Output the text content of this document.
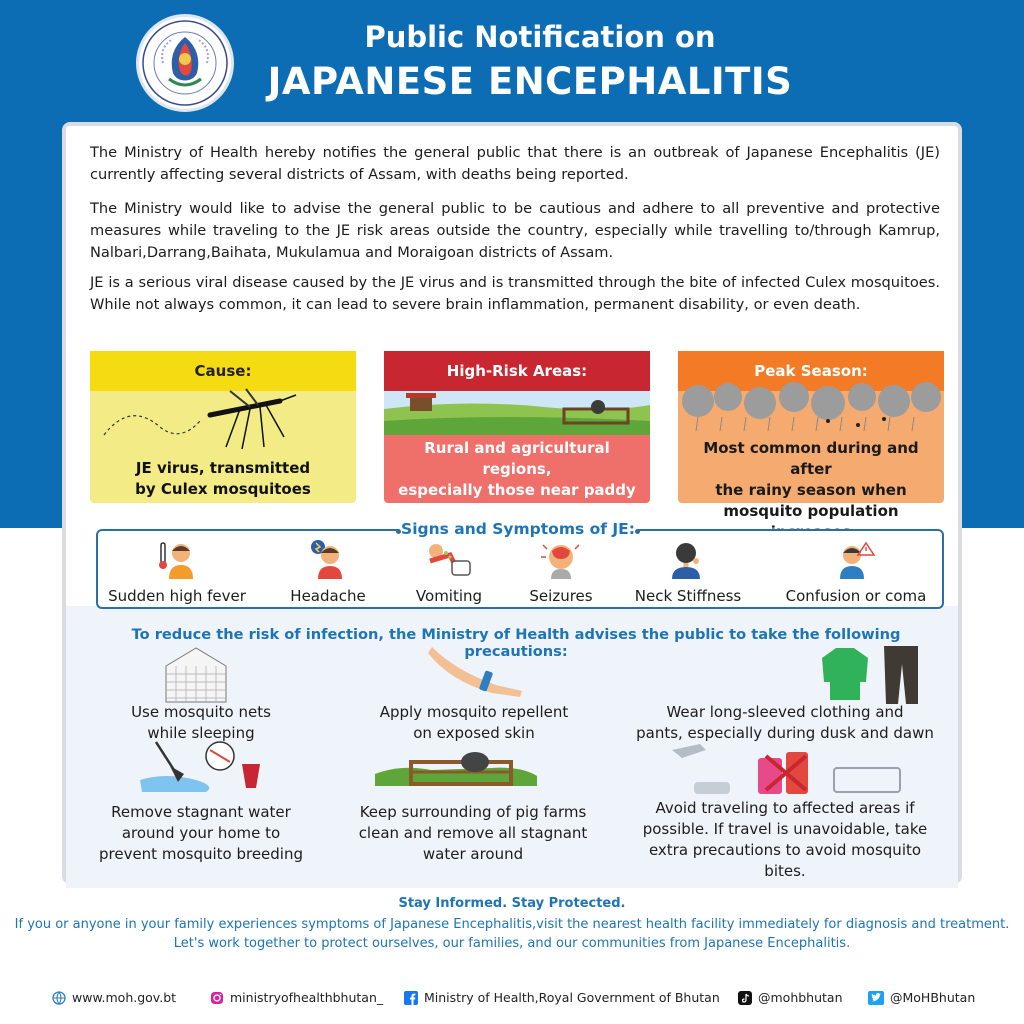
Public Notification on
JAPANESE ENCEPHALITIS

The Ministry of Health hereby notifies the general public that there is an outbreak of Japanese Encephalitis (JE) currently affecting several districts of Assam, with deaths being reported.

The Ministry would like to advise the general public to be cautious and adhere to all preventive and protective measures while traveling to the JE risk areas outside the country, especially while travelling to/through Kamrup, Nalbari,Darrang,Baihata, Mukulamua and Moraigoan districts of Assam.

JE is a serious viral disease caused by the JE virus and is transmitted through the bite of infected Culex mosquitoes. While not always common, it can lead to severe brain inflammation, permanent disability, or even death.

Cause:
JE virus, transmitted
by Culex mosquitoes
High-Risk Areas:
Rural and agricultural regions,
especially those near paddy
fields and pig farms.
Peak Season:
Most common during and after
the rainy season when
mosquito population
Signs and Symptoms of JE:
Sudden high fever	Headache	Vomiting	Seizures	Neck Stiffness	Confusion or coma
To reduce the risk of infection, the Ministry of Health advises the public to take the following precautions:
Use mosquito nets
while sleeping
Apply mosquito repellent
on exposed skin
Wear long-sleeved clothing and
pants, especially during dusk and dawn
Remove stagnant water
around your home to
prevent mosquito breeding
Keep surrounding of pig farms
clean and remove all stagnant
water around
Avoid traveling to affected areas if
possible. If travel is unavoidable, take
extra precautions to avoid mosquito
bites.
Stay Informed. Stay Protected.
If you or anyone in your family experiences symptoms of Japanese Encephalitis,visit the nearest health facility immediately for diagnosis and treatment.
Let's work together to protect ourselves, our families, and our communities from Japanese Encephalitis.
www.moh.gov.bt	ministryofhealthbhutan_	Ministry of Health,Royal Government of Bhutan	@mohbhutan	@MoHBhutan
